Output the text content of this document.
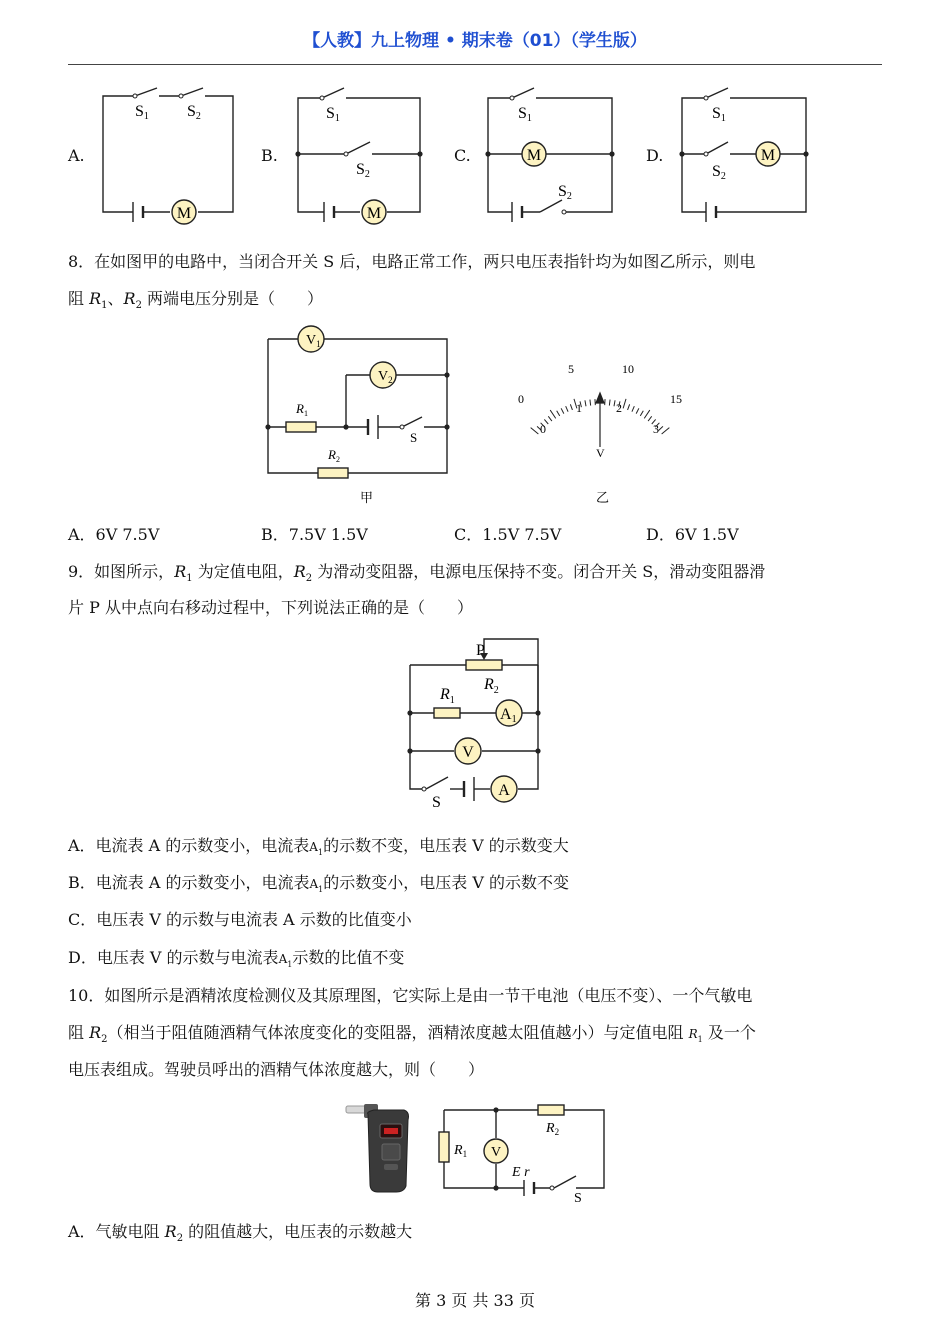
【人教】九上物理 • 期末卷（01）（学生版）
A.	B.	C.	D.
S1 S2
M
S1
S2
M
S1
S2
M
S1
S2
M
8．在如图甲的电路中，当闭合开关 S 后，电路正常工作，两只电压表指针均为如图乙所示，则电
阻 $R_1$、$R_2$ 两端电压分别是（　　）
$V_1$
$V_2$
$R_1$
$R_2$
S
甲
0
5	10
15
0
1	2
3
V
乙
A．6V 7.5V	B．7.5V 1.5V	C．1.5V 7.5V	D．6V 1.5V
9．如图所示，$R_1$ 为定值电阻，$R_2$ 为滑动变阻器，电源电压保持不变。闭合开关 S，滑动变阻器滑
片 P 从中点向右移动过程中，下列说法正确的是（　　）
P
$R_2$
$R_1$
A1
V
A
S
A．电流表 A 的示数变小，电流表$A_1$的示数不变，电压表 V 的示数变大
B．电流表 A 的示数变小，电流表$A_1$的示数变小，电压表 V 的示数不变
C．电压表 V 的示数与电流表 A 示数的比值变小
D．电压表 V 的示数与电流表$A_1$示数的比值不变
10．如图所示是酒精浓度检测仪及其原理图，它实际上是由一节干电池（电压不变）、一个气敏电
阻 $R_2$（相当于阻值随酒精气体浓度变化的变阻器，酒精浓度越太阻值越小）与定值电阻 $R_1$ 及一个
电压表组成。驾驶员呼出的酒精气体浓度越大，则（　　）
$R_1$ V
$R_2$
E r
S
A．气敏电阻 $R_2$ 的阻值越大，电压表的示数越大
第 3 页 共 33 页
